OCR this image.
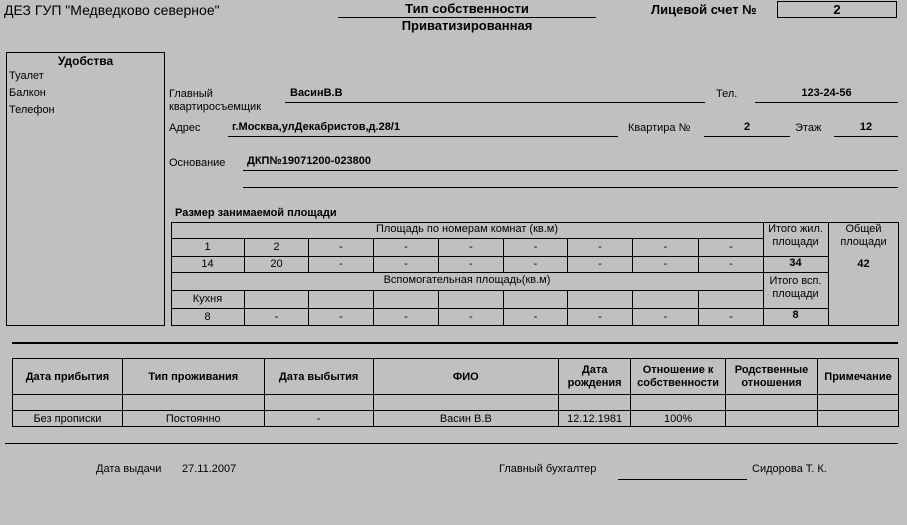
ДЕЗ ГУП "Медведково северное"	Тип собственности
Приватизированная
Лицевой счет №	2
Удобства
Туалет
Балкон
Телефон
Главный квартиросъемщик
ВасинВ.В	Тел.	123-24-56
Адрес	г.Москва,улДекабристов,д.28/1	Квартира №	2	Этаж	12
Основание ДКП№19071200-023800
Размер занимаемой площади
Площадь по номерам комнат (кв.м)
Вспомогательная площадь(кв.м)
Итого жил. площади
34
Итого всп. площади
8
Общей площади
42
1	2	-	-	-	-	-	-	-
14	20	-	-	-	-	-	-	-
Кухня
8	-	-	-	-	-	-	-	-
Дата прибытия	Тип проживания	Дата выбытия	ФИО	Дата рождения	Отношение к собственности	Родственные отношения	Примечание

Без прописки	Постоянно	-	Васин В.В	12.12.1981	100%		
Дата выдачи 27.11.2007	Главный бухгалтер	Сидорова Т. К.
